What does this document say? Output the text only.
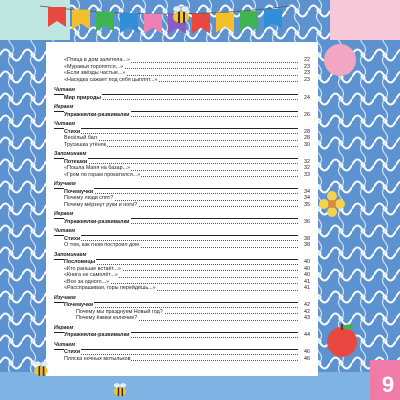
«Птица в дом залетела...»	22
«Муравьи торопятся...»	23
«Если звёзды частые...»	23
«Наседка сажает под себя цыплят...»	23
Читаем
Мир природы	24
Играем
Упражнялки-развивалки	26
Читаем
Стихи	28
Весёлый бал	28
Трусишка утёнок	30
Запоминаем
Потешки	32
«Пошла Маня на базар...»	32
«Гром по горам прокатился...»	33
Изучаем
Почемучки	34
Почему люди спят?	34
Почему мёрзнут руки и ноги?	35
Играем
Упражнялки-развивалки	36
Читаем
Стихи	38
О том, как гном построил дом	38
Запоминаем
Пословицы	40
«Кто раньше встаёт...»	40
«Книга не самолёт...»	40
«Все за одного...»	41
«Расспрашивая, горы перейдёшь...»	41
Изучаем
Почемучки	42
Почему мы празднуем Новый год?	42
Почему ёжики колючие?	43
Играем
Упражнялки-развивалки	44
Читаем
Стихи	46
Пляска ночных мотыльков	46
9
